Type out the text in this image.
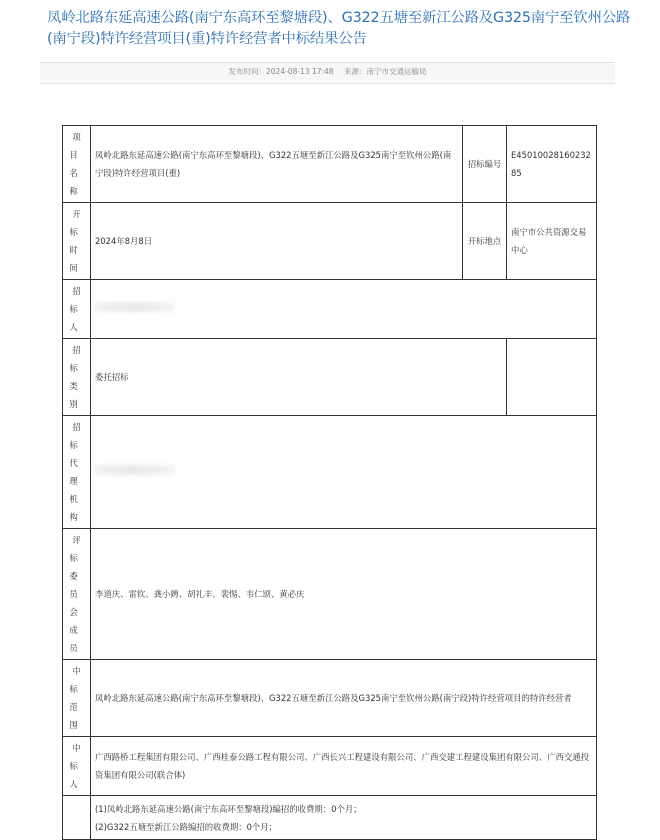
凤岭北路东延高速公路(南宁东高环至黎塘段)、G322五塘至新江公路及G325南宁至钦州公路(南宁段)特许经营项目(重)特许经营者中标结果公告
发布时间：2024-08-13 17:48 来源：南宁市交通运输局
项目名称	凤岭北路东延高速公路(南宁东高环至黎塘段)、G322五塘至新江公路及G325南宁至钦州公路(南宁段)特许经营项目(重)	招标编号	E4501002816023285
开标时间	2024年8月8日	开标地点	南宁市公共资源交易中心
招标人			
招标类别	委托招标		
招标代理机构			
评标委员会成员	李道庆、雷钦、龚小娉、胡礼丰、裴惕、韦仁颂、黄必庆		
中标范围	凤岭北路东延高速公路(南宁东高环至黎塘段)、G322五塘至新江公路及G325南宁至钦州公路(南宁段)特许经营项目的特许经营者		
中标人	广西路桥工程集团有限公司、广西桂泰公路工程有限公司、广西长兴工程建设有限公司、广西交建工程建设集团有限公司、广西交通投资集团有限公司(联合体)		

	(1)凤岭北路东延高速公路(南宁东高环至黎塘段)编招的收费期：0个月；
(2)G322五塘至新江公路编招的收费期：0个月；		
